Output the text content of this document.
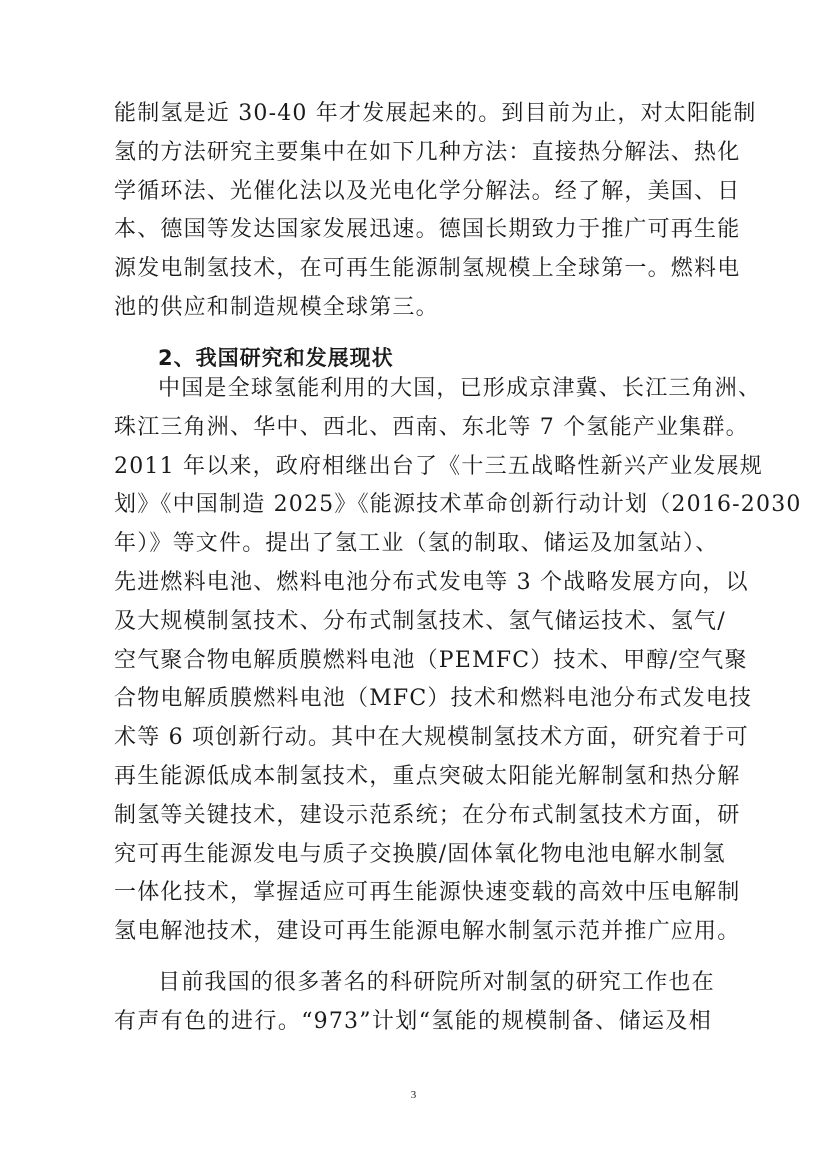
能制氢是近 30-40 年才发展起来的。到目前为止，对太阳能制
氢的方法研究主要集中在如下几种方法：直接热分解法、热化
学循环法、光催化法以及光电化学分解法。经了解，美国、日
本、德国等发达国家发展迅速。德国长期致力于推广可再生能
源发电制氢技术，在可再生能源制氢规模上全球第一。燃料电
池的供应和制造规模全球第三。
2、我国研究和发展现状
中国是全球氢能利用的大国，已形成京津冀、长江三角洲、
珠江三角洲、华中、西北、西南、东北等 7 个氢能产业集群。
2011 年以来，政府相继出台了《十三五战略性新兴产业发展规
划》《中国制造 2025》《能源技术革命创新行动计划（2016-2030
年）》等文件。提出了氢工业（氢的制取、储运及加氢站）、
先进燃料电池、燃料电池分布式发电等 3 个战略发展方向，以
及大规模制氢技术、分布式制氢技术、氢气储运技术、氢气/
空气聚合物电解质膜燃料电池（PEMFC）技术、甲醇/空气聚
合物电解质膜燃料电池（MFC）技术和燃料电池分布式发电技
术等 6 项创新行动。其中在大规模制氢技术方面，研究着于可
再生能源低成本制氢技术，重点突破太阳能光解制氢和热分解
制氢等关键技术，建设示范系统；在分布式制氢技术方面，研
究可再生能源发电与质子交换膜/固体氧化物电池电解水制氢
一体化技术，掌握适应可再生能源快速变载的高效中压电解制
氢电解池技术，建设可再生能源电解水制氢示范并推广应用。
目前我国的很多著名的科研院所对制氢的研究工作也在
有声有色的进行。“973”计划“氢能的规模制备、储运及相
3
